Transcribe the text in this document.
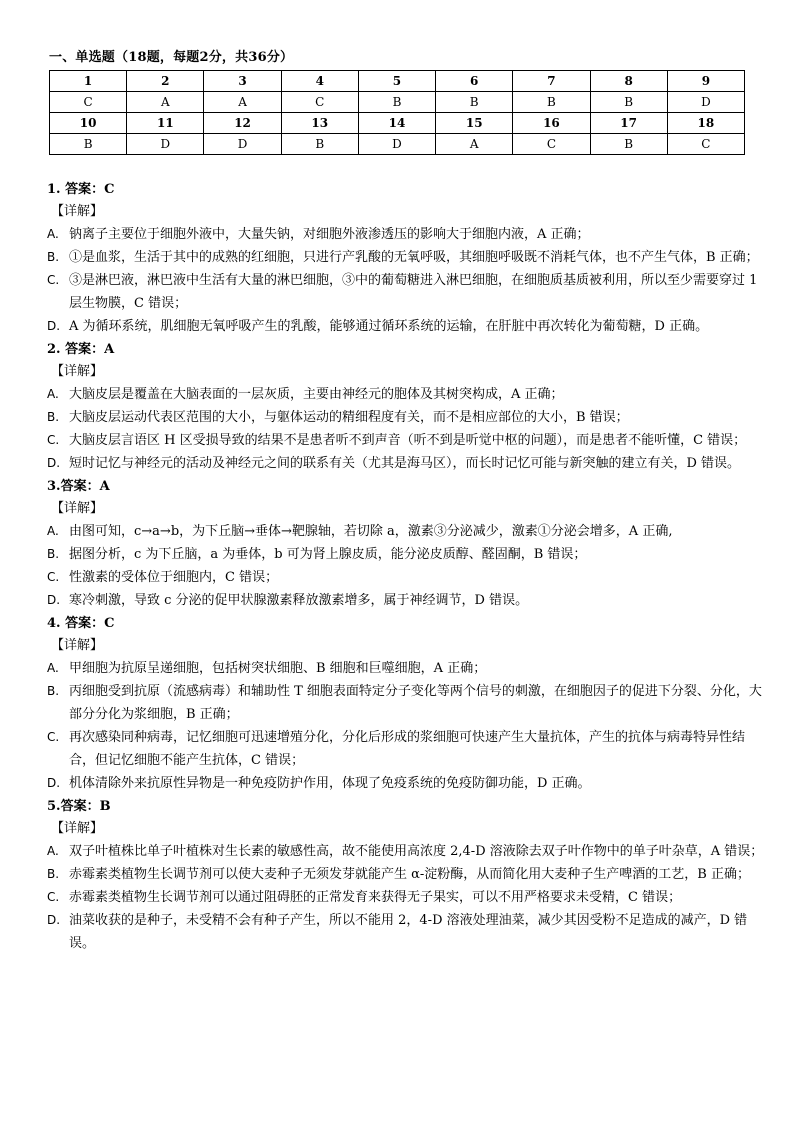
一、单选题（18题，每题2分，共36分）
1	2	3	4	5	6	7	8	9
C	A	A	C	B	B	B	B	D
10	11	12	13	14	15	16	17	18
B	D	D	B	D	A	C	B	C
1. 答案：C
【详解】
A. 钠离子主要位于细胞外液中，大量失钠，对细胞外液渗透压的影响大于细胞内液，A 正确；
B. ①是血浆，生活于其中的成熟的红细胞，只进行产乳酸的无氧呼吸，其细胞呼吸既不消耗气体，也不产生气体，B 正确；
C. ③是淋巴液，淋巴液中生活有大量的淋巴细胞，③中的葡萄糖进入淋巴细胞，在细胞质基质被利用，所以至少需要穿过 1 层生物膜，C 错误；
D. A 为循环系统，肌细胞无氧呼吸产生的乳酸，能够通过循环系统的运输，在肝脏中再次转化为葡萄糖，D 正确。
2. 答案：A
【详解】
A. 大脑皮层是覆盖在大脑表面的一层灰质，主要由神经元的胞体及其树突构成，A 正确；
B. 大脑皮层运动代表区范围的大小，与躯体运动的精细程度有关，而不是相应部位的大小，B 错误；
C. 大脑皮层言语区 H 区受损导致的结果不是患者听不到声音（听不到是听觉中枢的问题），而是患者不能听懂，C 错误；
D. 短时记忆与神经元的活动及神经元之间的联系有关（尤其是海马区），而长时记忆可能与新突触的建立有关，D 错误。
3.答案：A
【详解】
A. 由图可知，c→a→b，为下丘脑→垂体→靶腺轴，若切除 a，激素③分泌减少，激素①分泌会增多，A 正确,
B. 据图分析，c 为下丘脑，a 为垂体，b 可为肾上腺皮质，能分泌皮质醇、醛固酮，B 错误；
C. 性激素的受体位于细胞内，C 错误；
D. 寒冷刺激，导致 c 分泌的促甲状腺激素释放激素增多，属于神经调节，D 错误。
4. 答案：C
【详解】
A. 甲细胞为抗原呈递细胞，包括树突状细胞、B 细胞和巨噬细胞，A 正确；
B. 丙细胞受到抗原（流感病毒）和辅助性 T 细胞表面特定分子变化等两个信号的刺激，在细胞因子的促进下分裂、分化，大部分分化为浆细胞，B 正确；
C. 再次感染同种病毒，记忆细胞可迅速增殖分化，分化后形成的浆细胞可快速产生大量抗体，产生的抗体与病毒特异性结合，但记忆细胞不能产生抗体，C 错误；
D. 机体清除外来抗原性异物是一种免疫防护作用，体现了免疫系统的免疫防御功能，D 正确。
5.答案：B
【详解】
A. 双子叶植株比单子叶植株对生长素的敏感性高，故不能使用高浓度 2,4-D 溶液除去双子叶作物中的单子叶杂草，A 错误；
B. 赤霉素类植物生长调节剂可以使大麦种子无须发芽就能产生 α-淀粉酶，从而简化用大麦种子生产啤酒的工艺，B 正确；
C. 赤霉素类植物生长调节剂可以通过阻碍胚的正常发育来获得无子果实，可以不用严格要求未受精，C 错误；
D. 油菜收获的是种子，未受精不会有种子产生，所以不能用 2，4-D 溶液处理油菜，减少其因受粉不足造成的减产，D 错误。
